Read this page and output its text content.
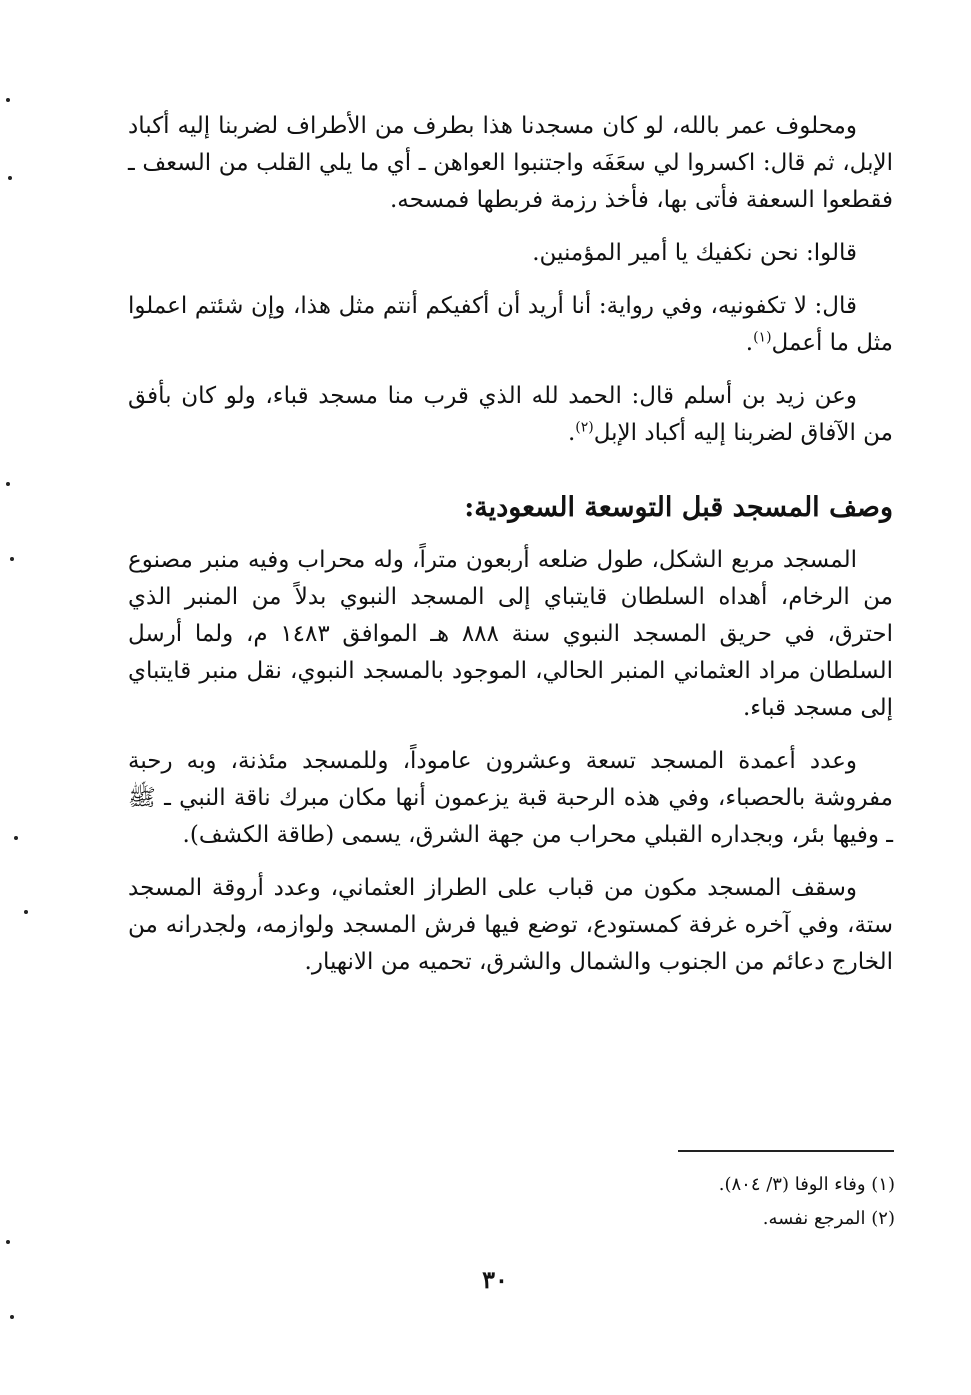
ومحلوف عمر بالله، لو كان مسجدنا هذا بطرف من الأطراف لضربنا إليه أكباد الإبل، ثم قال: اكسروا لي سعَفَه واجتنبوا العواهن ـ أي ما يلي القلب من السعف ـ فقطعوا السعفة فأتى بها، فأخذ رزمة فربطها فمسحه.

قالوا: نحن نكفيك يا أمير المؤمنين.

قال: لا تكفونيه، وفي رواية: أنا أريد أن أكفيكم أنتم مثل هذا، وإن شئتم اعملوا مثل ما أعمل$^{(١)}$.

وعن زيد بن أسلم قال: الحمد لله الذي قرب منا مسجد قباء، ولو كان بأفق من الآفاق لضربنا إليه أكباد الإبل$^{(٢)}$.

وصف المسجد قبل التوسعة السعودية:

المسجد مربع الشكل، طول ضلعه أربعون متراً، وله محراب وفيه منبر مصنوع من الرخام، أهداه السلطان قايتباي إلى المسجد النبوي بدلاً من المنبر الذي احترق، في حريق المسجد النبوي سنة ٨٨٨ هـ الموافق ١٤٨٣ م، ولما أرسل السلطان مراد العثماني المنبر الحالي، الموجود بالمسجد النبوي، نقل منبر قايتباي إلى مسجد قباء.

وعدد أعمدة المسجد تسعة وعشرون عاموداً، وللمسجد مئذنة، وبه رحبة مفروشة بالحصباء، وفي هذه الرحبة قبة يزعمون أنها مكان مبرك ناقة النبي ـ ﷺ ـ وفيها بئر، وبجداره القبلي محراب من جهة الشرق، يسمى (طاقة الكشف).

وسقف المسجد مكون من قباب على الطراز العثماني، وعدد أروقة المسجد ستة، وفي آخره غرفة كمستودع، توضع فيها فرش المسجد ولوازمه، ولجدرانه من الخارج دعائم من الجنوب والشمال والشرق، تحميه من الانهيار.

(١) وفاء الوفا (٣/ ٨٠٤).
(٢) المرجع نفسه.
٣٠
